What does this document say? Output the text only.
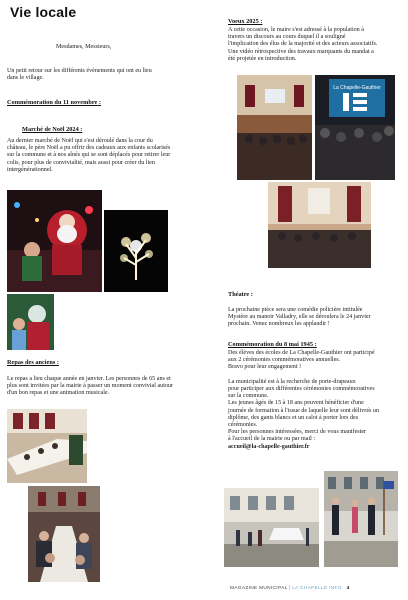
Vie locale
Mesdames, Messieurs,
Un petit retour sur les différents évènements qui ont eu lieu
dans le village.
Commémoration du 11 novembre :
Marché de Noël 2024 :
Au dernier marché de Noël qui s'est déroulé dans la cour du
château, le père Noël a pu offrir des cadeaux aux enfants scolarisés
sur la commune et à nos aînés qui se sont déplacés pour retirer leur
colis, pour plus de convivialité, mais aussi pour créer du lien
intergénérationnel.
Repas des anciens :
Le repas a lieu chaque année en janvier. Les personnes de 65 ans et
plus sont invitées par la mairie à passer un moment convivial autour
d'un bon repas et une animation musicale.
Voeux 2025 :
A cette occasion, le maire s'est adressé à la population à
travers un discours au cours duquel il a souligné
l'implication des élus de la majorité et des acteurs associatifs.
Une vidéo rétrospective des travaux marquants du mandat a
été projetée en introduction.
La Chapelle-Gauthier
Théatre :
La prochaine pièce sera une comédie policière intitulée
Mystère au manoir Valladry, elle se déroulera le 24 janvier
prochain. Venez nombreux les applaudir !
Commémoration du 8 mai 1945 :
Des élèves des écoles de La Chapelle-Gauthier ont participé
aux 2 cérémonies commémoratives annuelles.
Bravo pour leur engagement !
La municipalité est à la recherche de porte-drapeaux
pour participer aux différentes cérémonies commémoratives
sur la commune.
Les jeunes âgés de 15 à 18 ans peuvent bénéficier d'une
journée de formation à l'issue de laquelle leur sont délivrés un
diplôme, des gants blancs et un calot à porter lors des
cérémonies.
Pour les personnes intéressées, merci de vous manifester
à l'accueil de la mairie ou par mail :
accueil@la-chapelle-gauthier.fr
MAGAZINE MUNICIPAL | LA CHAPELLE INFO 4
